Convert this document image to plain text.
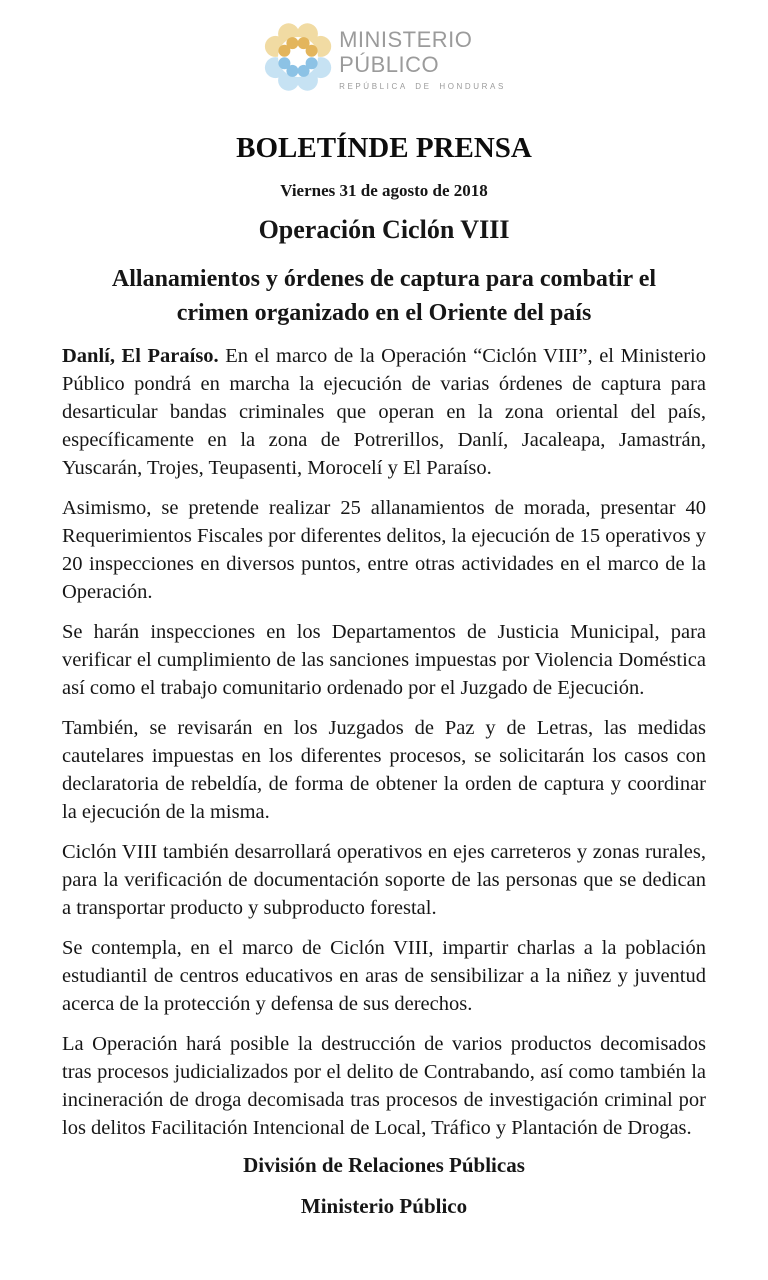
MINISTERIO
PÚBLICO
REPÚBLICA DE HONDURAS
BOLETÍNDE PRENSA
Viernes 31 de agosto de 2018
Operación Ciclón VIII
Allanamientos y órdenes de captura para combatir el crimen organizado en el Oriente del país

Danlí, El Paraíso. En el marco de la Operación “Ciclón VIII”, el Ministerio Público pondrá en marcha la ejecución de varias órdenes de captura para desarticular bandas criminales que operan en la zona oriental del país, específicamente en la zona de Potrerillos, Danlí, Jacaleapa, Jamastrán, Yuscarán, Trojes, Teupasenti, Morocelí y El Paraíso.

Asimismo, se pretende realizar 25 allanamientos de morada, presentar 40 Requerimientos Fiscales por diferentes delitos, la ejecución de 15 operativos y 20 inspecciones en diversos puntos, entre otras actividades en el marco de la Operación.

Se harán inspecciones en los Departamentos de Justicia Municipal, para verificar el cumplimiento de las sanciones impuestas por Violencia Doméstica así como el trabajo comunitario ordenado por el Juzgado de Ejecución.

También, se revisarán en los Juzgados de Paz y de Letras, las medidas cautelares impuestas en los diferentes procesos, se solicitarán los casos con declaratoria de rebeldía, de forma de obtener la orden de captura y coordinar la ejecución de la misma.

Ciclón VIII también desarrollará operativos en ejes carreteros y zonas rurales, para la verificación de documentación soporte de las personas que se dedican a transportar producto y subproducto forestal.

Se contempla, en el marco de Ciclón VIII, impartir charlas a la población estudiantil de centros educativos en aras de sensibilizar a la niñez y juventud acerca de la protección y defensa de sus derechos.

La Operación hará posible la destrucción de varios productos decomisados tras procesos judicializados por el delito de Contrabando, así como también la incineración de droga decomisada tras procesos de investigación criminal por los delitos Facilitación Intencional de Local, Tráfico y Plantación de Drogas.

División de Relaciones Públicas
Ministerio Público
